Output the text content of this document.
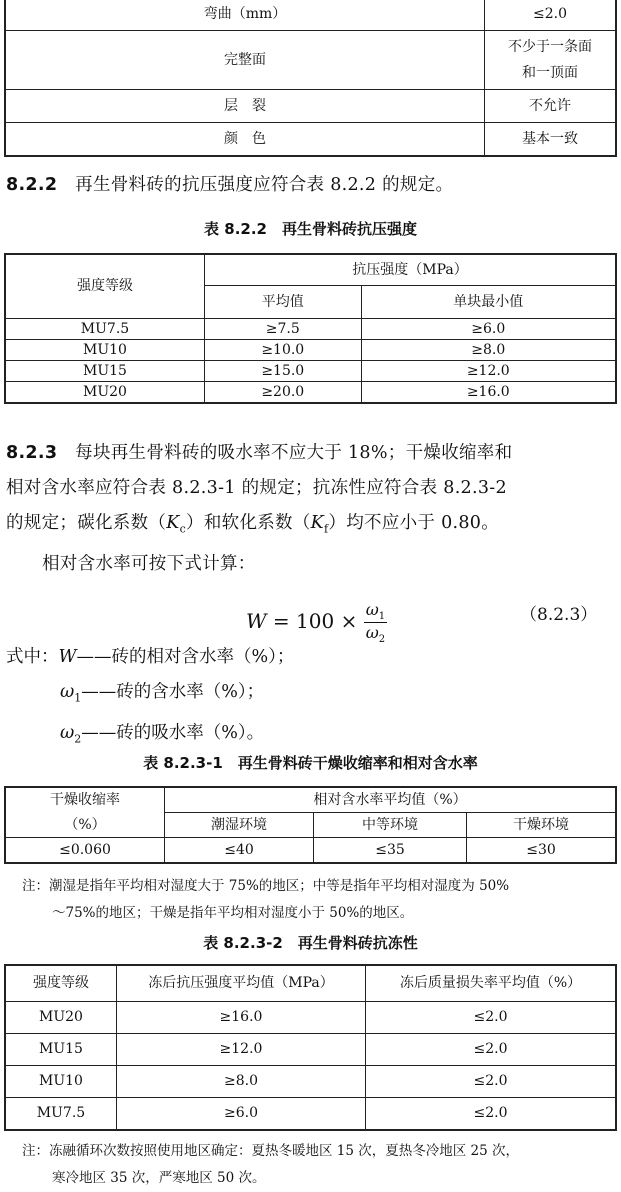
弯曲（mm）	≤2.0
完整面	不少于一条面
和一顶面
层　裂	不允许
颜　色	基本一致
8.2.2　 再生骨料砖的抗压强度应符合表 8.2.2 的规定。
表 8.2.2　再生骨料砖抗压强度
强度等级	抗压强度（MPa）	
	平均值	单块最小值
MU7.5	≥7.5	≥6.0
MU10	≥10.0	≥8.0
MU15	≥15.0	≥12.0
MU20	≥20.0	≥16.0
8.2.3　 每块再生骨料砖的吸水率不应大于 18%；干燥收缩率和
相对含水率应符合表 8.2.3-1 的规定；抗冻性应符合表 8.2.3-2
的规定；碳化系数$(K_c)$和软化系数$(K_f)$均不应小于 0.80。
相对含水率可按下式计算：
$W = 100 \times \frac{\omega_1}{\omega_2}$	（8.2.3）
式中：W——砖的相对含水率（%）；
$\omega_1——$砖的含水率（%）；
$\omega_2——$砖的吸水率（%）。
表 8.2.3-1　再生骨料砖干燥收缩率和相对含水率
干燥收缩率	相对含水率平均值（%）		
（%）	潮湿环境	中等环境	干燥环境
≤0.060	≤40	≤35	≤30
注：潮湿是指年平均相对湿度大于 75%的地区；中等是指年平均相对湿度为 50%
～75%的地区；干燥是指年平均相对湿度小于 50%的地区。
表 8.2.3-2　再生骨料砖抗冻性
强度等级	冻后抗压强度平均值（MPa）	冻后质量损失率平均值（%）
MU20	≥16.0	≤2.0
MU15	≥12.0	≤2.0
MU10	≥8.0	≤2.0
MU7.5	≥6.0	≤2.0
注：冻融循环次数按照使用地区确定：夏热冬暖地区 15 次，夏热冬冷地区 25 次，
寒冷地区 35 次，严寒地区 50 次。
